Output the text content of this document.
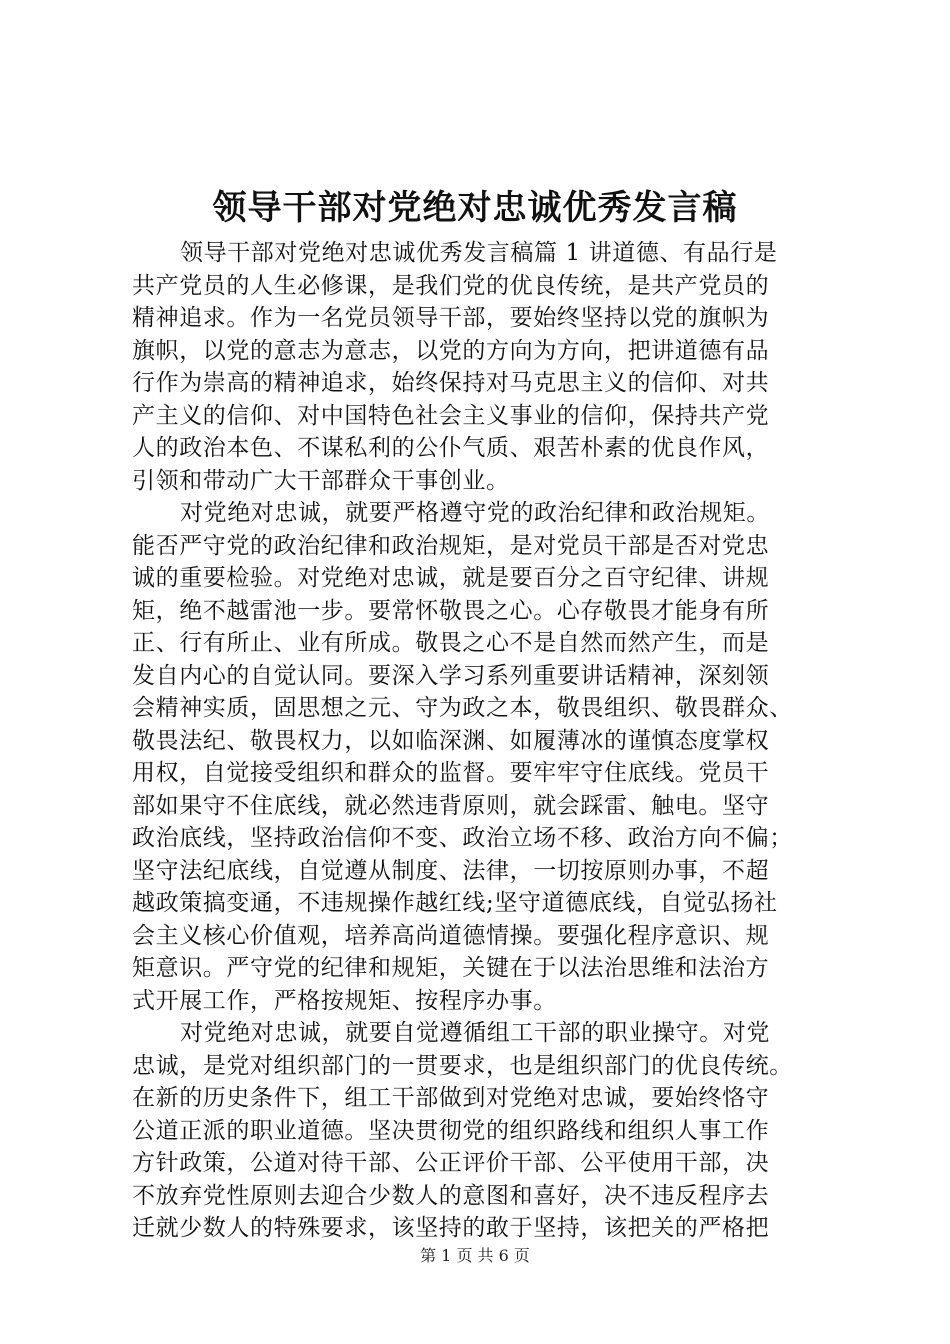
领导干部对党绝对忠诚优秀发言稿
领导干部对党绝对忠诚优秀发言稿篇 1 讲道德、有品行是
共产党员的人生必修课，是我们党的优良传统，是共产党员的
精神追求。作为一名党员领导干部，要始终坚持以党的旗帜为
旗帜，以党的意志为意志，以党的方向为方向，把讲道德有品
行作为崇高的精神追求，始终保持对马克思主义的信仰、对共
产主义的信仰、对中国特色社会主义事业的信仰，保持共产党
人的政治本色、不谋私利的公仆气质、艰苦朴素的优良作风，
引领和带动广大干部群众干事创业。
对党绝对忠诚，就要严格遵守党的政治纪律和政治规矩。
能否严守党的政治纪律和政治规矩，是对党员干部是否对党忠
诚的重要检验。对党绝对忠诚，就是要百分之百守纪律、讲规
矩，绝不越雷池一步。要常怀敬畏之心。心存敬畏才能身有所
正、行有所止、业有所成。敬畏之心不是自然而然产生，而是
发自内心的自觉认同。要深入学习系列重要讲话精神，深刻领
会精神实质，固思想之元、守为政之本，敬畏组织、敬畏群众、
敬畏法纪、敬畏权力，以如临深渊、如履薄冰的谨慎态度掌权
用权，自觉接受组织和群众的监督。要牢牢守住底线。党员干
部如果守不住底线，就必然违背原则，就会踩雷、触电。坚守
政治底线，坚持政治信仰不变、政治立场不移、政治方向不偏；
坚守法纪底线，自觉遵从制度、法律，一切按原则办事，不超
越政策搞变通，不违规操作越红线;坚守道德底线，自觉弘扬社
会主义核心价值观，培养高尚道德情操。要强化程序意识、规
矩意识。严守党的纪律和规矩，关键在于以法治思维和法治方
式开展工作，严格按规矩、按程序办事。
对党绝对忠诚，就要自觉遵循组工干部的职业操守。对党
忠诚，是党对组织部门的一贯要求，也是组织部门的优良传统。
在新的历史条件下，组工干部做到对党绝对忠诚，要始终恪守
公道正派的职业道德。坚决贯彻党的组织路线和组织人事工作
方针政策，公道对待干部、公正评价干部、公平使用干部，决
不放弃党性原则去迎合少数人的意图和喜好，决不违反程序去
迁就少数人的特殊要求，该坚持的敢于坚持，该把关的严格把
第 1 页 共 6 页
